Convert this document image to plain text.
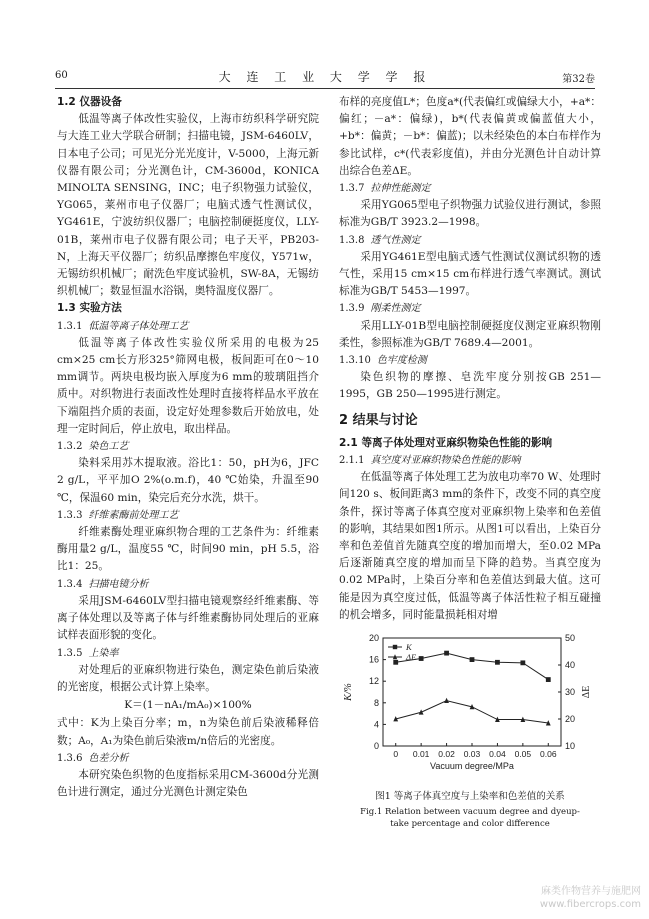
60	大 连 工 业 大 学 学 报	第32卷
1.2 仪器设备

低温等离子体改性实验仪，上海市纺织科学研究院与大连工业大学联合研制；扫描电镜，JSM-6460LV，日本电子公司；可见光分光光度计，V-5000，上海元新仪器有限公司；分光测色计，CM-3600d，KONICA MINOLTA SENSING，INC；电子织物强力试验仪，YG065，莱州市电子仪器厂；电脑式透气性测试仪，YG461E，宁波纺织仪器厂；电脑控制硬挺度仪，LLY-01B，莱州市电子仪器有限公司；电子天平，PB203-N，上海天平仪器厂；纺织品摩擦色牢度仪，Y571w，无锡纺织机械厂；耐洗色牢度试验机，SW-8A，无锡纺织机械厂；数显恒温水浴锅，奥特温度仪器厂。

1.3 实验方法
1.3.1 低温等离子体处理工艺

低温等离子体改性实验仪所采用的电极为25 cm×25 cm长方形325°筛网电极，板间距可在0～10 mm调节。两块电极均嵌入厚度为6 mm的玻璃阻挡介质中。对织物进行表面改性处理时直接将样品水平放在下端阻挡介质的表面，设定好处理参数后开始放电，处理一定时间后，停止放电，取出样品。

1.3.2 染色工艺

染料采用苏木提取液。浴比1：50，pH为6，JFC 2 g/L，平平加O 2%(o.m.f)，40 ℃始染，升温至90 ℃，保温60 min，染完后充分水洗，烘干。

1.3.3 纤维素酶前处理工艺

纤维素酶处理亚麻织物合理的工艺条件为：纤维素酶用量2 g/L，温度55 ℃，时间90 min，pH 5.5，浴比1：25。

1.3.4 扫描电镜分析

采用JSM-6460LV型扫描电镜观察经纤维素酶、等离子体处理以及等离子体与纤维素酶协同处理后的亚麻试样表面形貌的变化。

1.3.5 上染率

对处理后的亚麻织物进行染色，测定染色前后染液的光密度，根据公式计算上染率。

K＝(1－nA₁/mA₀)×100%

式中：K为上染百分率；m，n为染色前后染液稀释倍数；A₀，A₁为染色前后染液m/n倍后的光密度。

1.3.6 色差分析

本研究染色织物的色度指标采用CM-3600d分光测色计进行测定，通过分光测色计测定染色

布样的亮度值L*；色度a*(代表偏红或偏绿大小，+a*：偏红；－a*：偏绿)，b*(代表偏黄或偏蓝值大小，+b*：偏黄；－b*：偏蓝)；以未经染色的本白布样作为参比试样，c*(代表彩度值)，并由分光测色计自动计算出综合色差ΔE。

1.3.7 拉伸性能测定

采用YG065型电子织物强力试验仪进行测试，参照标准为GB/T 3923.2—1998。

1.3.8 透气性测定

采用YG461E型电脑式透气性测试仪测试织物的透气性，采用15 cm×15 cm布样进行透气率测试。测试标准为GB/T 5453—1997。

1.3.9 刚柔性测定

采用LLY-01B型电脑控制硬挺度仪测定亚麻织物刚柔性，参照标准为GB/T 7689.4—2001。

1.3.10 色牢度检测

染色织物的摩擦、皂洗牢度分别按GB 251—1995，GB 250—1995进行测定。

2 结果与讨论
2.1 等离子体处理对亚麻织物染色性能的影响
2.1.1 真空度对亚麻织物染色性能的影响

在低温等离子体处理工艺为放电功率70 W、处理时间120 s、板间距离3 mm的条件下，改变不同的真空度条件，探讨等离子体真空度对亚麻织物上染率和色差值的影响，其结果如图1所示。从图1可以看出，上染百分率和色差值首先随真空度的增加而增大，至0.02 MPa后逐渐随真空度的增加而呈下降的趋势。当真空度为0.02 MPa时，上染百分率和色差值达到最大值。这可能是因为真空度过低，低温等离子体活性粒子相互碰撞的机会增多，同时能量损耗相对增

0
4
8
12
16
20
10
20
30
40
50
0 0.01 0.02 0.03 0.04 0.05 0.06
Vacuum degree/MPa
K/%	ΔE
K
ΔE
图1 等离子体真空度与上染率和色差值的关系
Fig.1 Relation between vacuum degree and dyeup-
take percentage and color difference
麻类作物营养与施肥网
www.fibercrops.com
